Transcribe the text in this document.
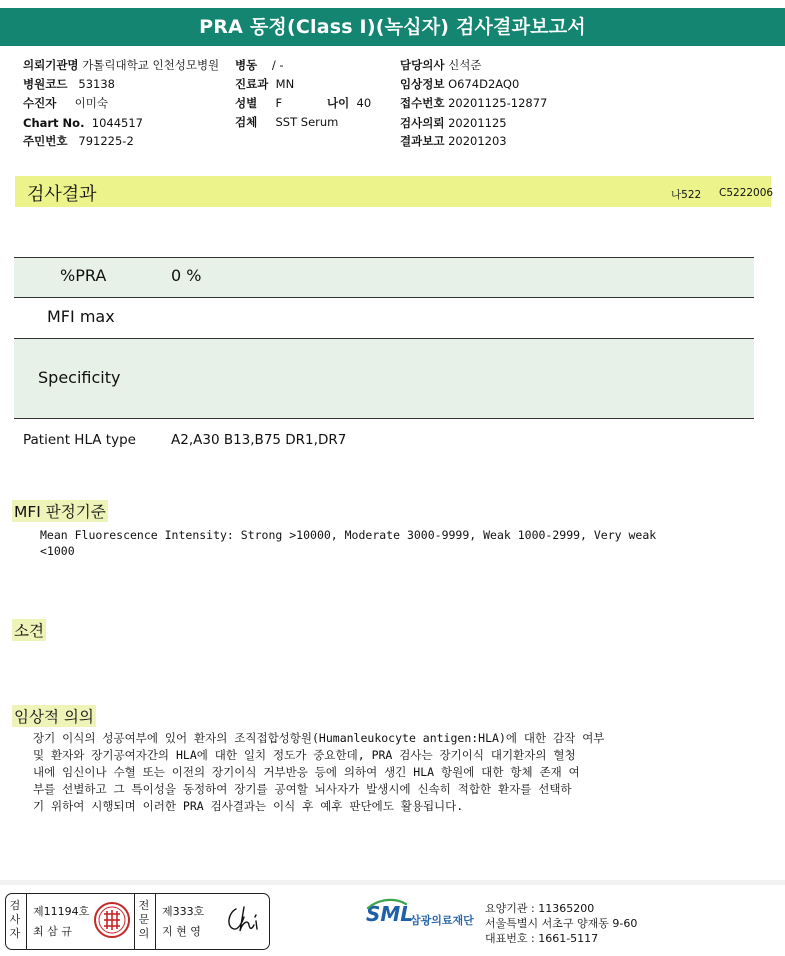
PRA 동정(Class I)(녹십자) 검사결과보고서
의뢰기관명 가톨릭대학교 인천성모병원 병동 / -	담당의사 신석준
병원코드 53138	진료과 MN	임상정보 O674D2AQ0
수진자 이미숙	성별 F	나이 40	접수번호 20201125-12877
Chart No. 1044517	검체 SST Serum	검사의뢰 20201125
주민번호 791225-2	결과보고 20201203
검사결과	나522 C5222006
%PRA	0 %
MFI max
Specificity
Patient HLA type	A2,A30 B13,B75 DR1,DR7
MFI 판정기준
Mean Fluorescence Intensity: Strong >10000, Moderate 3000-9999, Weak 1000-2999, Very weak
<1000
소견
임상적 의의
장기 이식의 성공여부에 있어 환자의 조직접합성항원(Humanleukocyte antigen:HLA)에 대한 감작 여부
및 환자와 장기공여자간의 HLA에 대한 일치 정도가 중요한데, PRA 검사는 장기이식 대기환자의 혈청
내에 임신이나 수혈 또는 이전의 장기이식 거부반응 등에 의하여 생긴 HLA 항원에 대한 항체 존재 여
부를 선별하고 그 특이성을 동정하여 장기를 공여할 뇌사자가 발생시에 신속히 적합한 환자를 선택하
기 위하여 시행되며 이러한 PRA 검사결과는 이식 후 예후 판단에도 활용됩니다.
검
사
자
제11194호
최 삼 규
전
문
의
제333호
지 현 영
SML
삼광의료재단
요양기관 : 11365200
서울특별시 서초구 양재동 9-60
대표번호 : 1661-5117
